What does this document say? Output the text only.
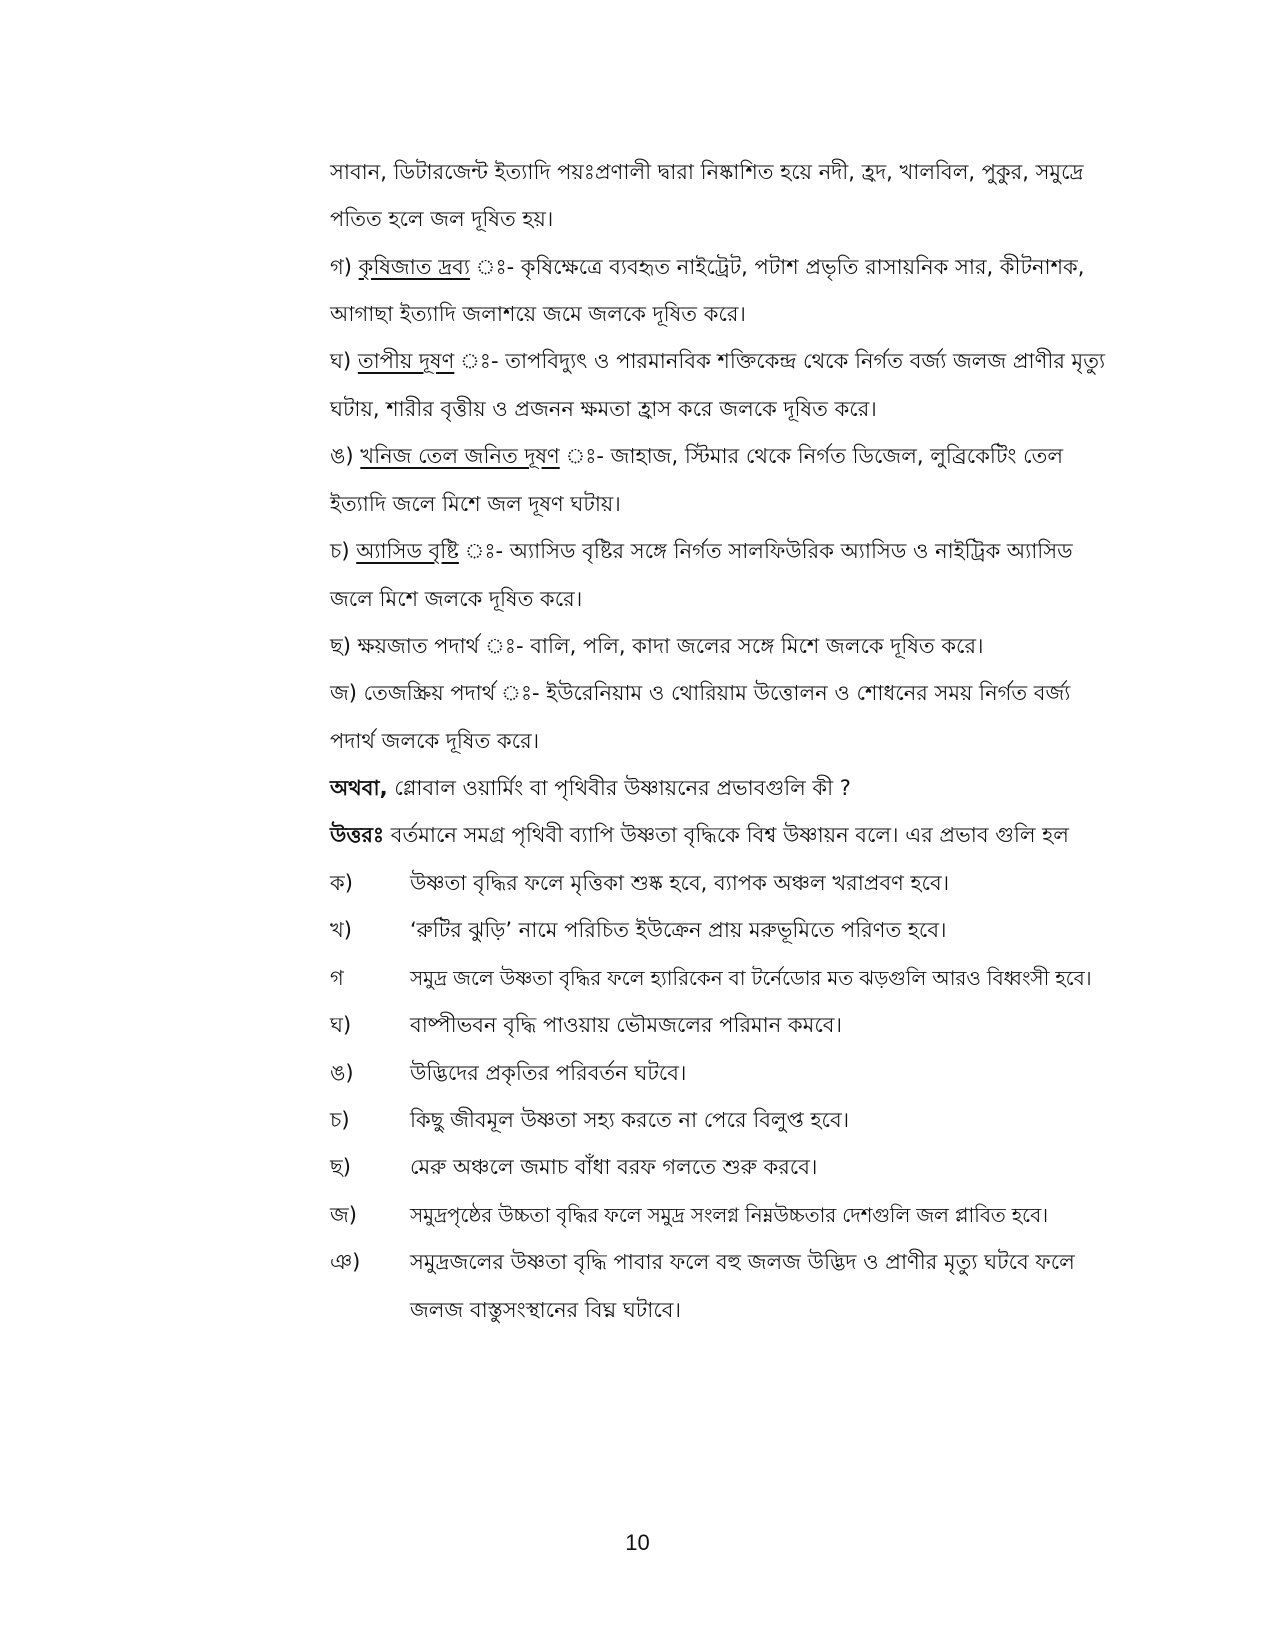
সাবান, ডিটারজেন্ট ইত্যাদি পয়ঃপ্রণালী দ্বারা নিষ্কাশিত হয়ে নদী, হ্রদ, খালবিল, পুকুর, সমুদ্রে
পতিত হলে জল দূষিত হয়।
গ) কৃষিজাত দ্রব্য ঃ- কৃষিক্ষেত্রে ব্যবহৃত নাইট্রেট, পটাশ প্রভৃতি রাসায়নিক সার, কীটনাশক,
আগাছা ইত্যাদি জলাশয়ে জমে জলকে দূষিত করে।
ঘ) তাপীয় দূষণ ঃ- তাপবিদ্যুৎ ও পারমানবিক শক্তিকেন্দ্র থেকে নির্গত বর্জ্য জলজ প্রাণীর মৃত্যু
ঘটায়, শারীর বৃত্তীয় ও প্রজনন ক্ষমতা হ্রাস করে জলকে দূষিত করে।
ঙ) খনিজ তেল জনিত দূষণ ঃ- জাহাজ, স্টিমার থেকে নির্গত ডিজেল, লুব্রিকেটিং তেল
ইত্যাদি জলে মিশে জল দূষণ ঘটায়।
চ) অ্যাসিড বৃষ্টি ঃ- অ্যাসিড বৃষ্টির সঙ্গে নির্গত সালফিউরিক অ্যাসিড ও নাইট্রিক অ্যাসিড
জলে মিশে জলকে দূষিত করে।
ছ) ক্ষয়জাত পদার্থ ঃ- বালি, পলি, কাদা জলের সঙ্গে মিশে জলকে দূষিত করে।
জ) তেজস্ক্রিয় পদার্থ ঃ- ইউরেনিয়াম ও থোরিয়াম উত্তোলন ও শোধনের সময় নির্গত বর্জ্য
পদার্থ জলকে দূষিত করে।
অথবা, গ্লোবাল ওয়ার্মিং বা পৃথিবীর উষ্ণায়নের প্রভাবগুলি কী ?
উত্তরঃ বর্তমানে সমগ্র পৃথিবী ব্যাপি উষ্ণতা বৃদ্ধিকে বিশ্ব উষ্ণায়ন বলে। এর প্রভাব গুলি হল
ক)	উষ্ণতা বৃদ্ধির ফলে মৃত্তিকা শুষ্ক হবে, ব্যাপক অঞ্চল খরাপ্রবণ হবে।
খ)	‘রুটির ঝুড়ি’ নামে পরিচিত ইউক্রেন প্রায় মরুভূমিতে পরিণত হবে।
গ	সমুদ্র জলে উষ্ণতা বৃদ্ধির ফলে হ্যারিকেন বা টর্নেডোর মত ঝড়গুলি আরও বিধ্বংসী হবে।
ঘ)	বাষ্পীভবন বৃদ্ধি পাওয়ায় ভৌমজলের পরিমান কমবে।
ঙ)	উদ্ভিদের প্রকৃতির পরিবর্তন ঘটবে।
চ)	কিছু জীবমূল উষ্ণতা সহ্য করতে না পেরে বিলুপ্ত হবে।
ছ)	মেরু অঞ্চলে জমাচ বাঁধা বরফ গলতে শুরু করবে।
জ)	সমুদ্রপৃষ্ঠের উচ্চতা বৃদ্ধির ফলে সমুদ্র সংলগ্ন নিম্নউচ্চতার দেশগুলি জল প্লাবিত হবে।
ঞ) সমুদ্রজলের উষ্ণতা বৃদ্ধি পাবার ফলে বহু জলজ উদ্ভিদ ও প্রাণীর মৃত্যু ঘটবে ফলে
জলজ বাস্তুসংস্থানের বিঘ্ন ঘটাবে।
10
